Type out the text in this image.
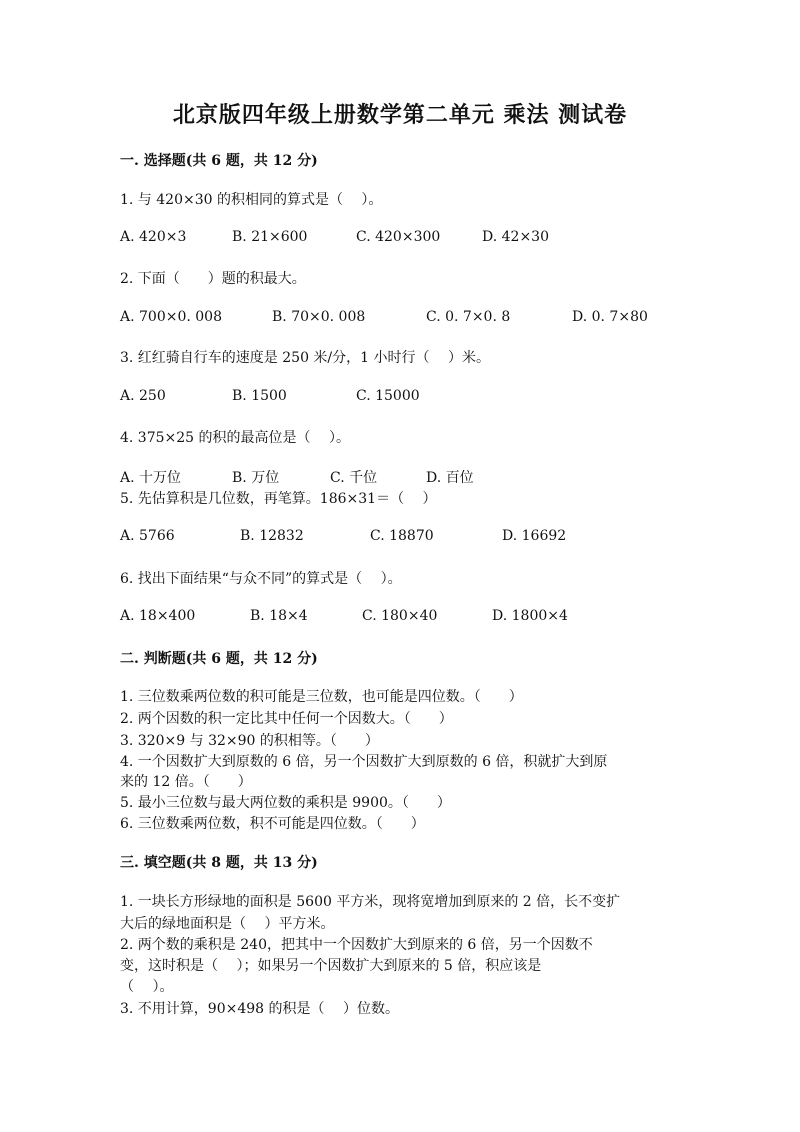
北京版四年级上册数学第二单元 乘法 测试卷
一. 选择题(共 6 题，共 12 分)
1. 与 420×30 的积相同的算式是（　 ）。
A. 420×3	B. 21×600	C. 420×300	D. 42×30
2. 下面（　　）题的积最大。
A. 700×0. 008	B. 70×0. 008	C. 0. 7×0. 8	D. 0. 7×80
3. 红红骑自行车的速度是 250 米/分，1 小时行（　 ）米。
A. 250	B. 1500	C. 15000
4. 375×25 的积的最高位是（　 ）。
A. 十万位	B. 万位	C. 千位	D. 百位
5. 先估算积是几位数，再笔算。186×31＝（　 ）
A. 5766	B. 12832	C. 18870	D. 16692
6. 找出下面结果“与众不同”的算式是（　 ）。
A. 18×400	B. 18×4	C. 180×40	D. 1800×4
二. 判断题(共 6 题，共 12 分)
1. 三位数乘两位数的积可能是三位数，也可能是四位数。（　　）
2. 两个因数的积一定比其中任何一个因数大。（　　）
3. 320×9 与 32×90 的积相等。（　　）
4. 一个因数扩大到原数的 6 倍，另一个因数扩大到原数的 6 倍，积就扩大到原
来的 12 倍。（　　）
5. 最小三位数与最大两位数的乘积是 9900。（　　）
6. 三位数乘两位数，积不可能是四位数。（　　）
三. 填空题(共 8 题，共 13 分)
1. 一块长方形绿地的面积是 5600 平方米，现将宽增加到原来的 2 倍，长不变扩
大后的绿地面积是（　 ）平方米。
2. 两个数的乘积是 240，把其中一个因数扩大到原来的 6 倍，另一个因数不
变，这时积是（　 ）；如果另一个因数扩大到原来的 5 倍，积应该是
（　 ）。
3. 不用计算，90×498 的积是（　 ）位数。
